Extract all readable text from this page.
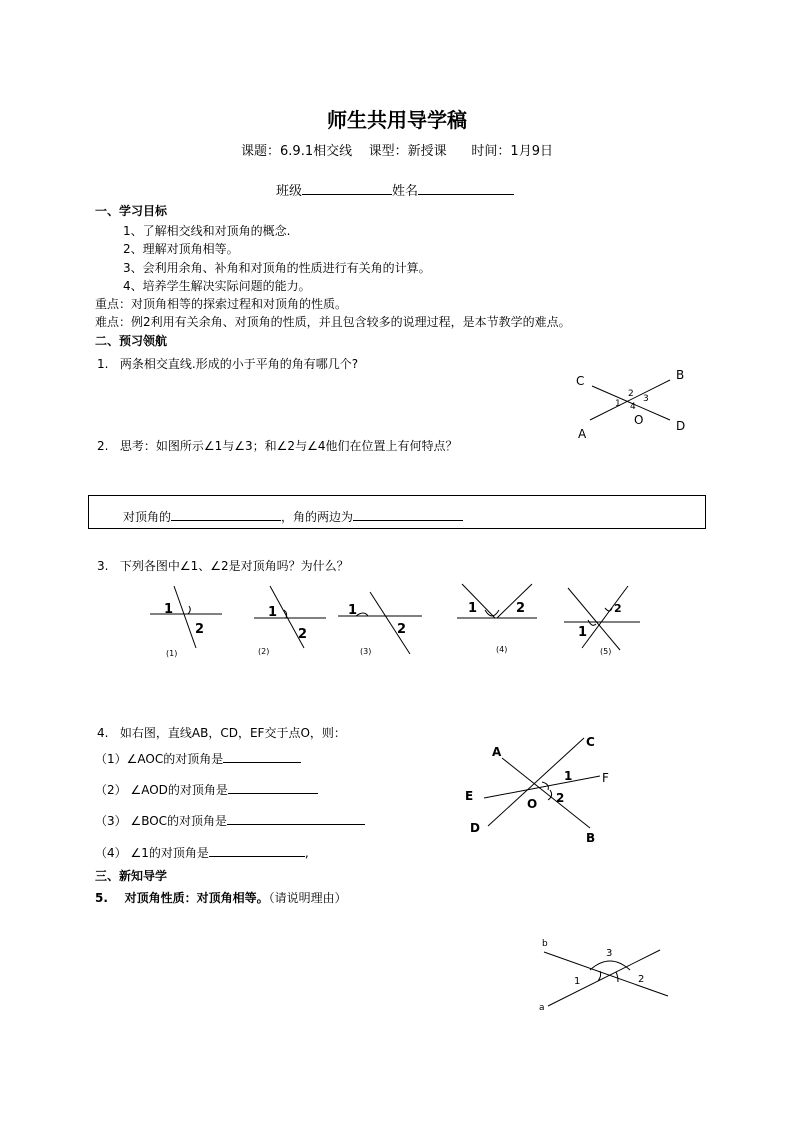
师生共用导学稿
课题：6.9.1相交线    课型：新授课      时间：1月9日
班级	姓名
一、学习目标
1、了解相交线和对顶角的概念.
2、理解对顶角相等。
3、会利用余角、补角和对顶角的性质进行有关角的计算。
4、培养学生解决实际问题的能力。
重点：对顶角相等的探索过程和对顶角的性质。
难点：例2利用有关余角、对顶角的性质，并且包含较多的说理过程，是本节教学的难点。
二、预习领航
1.   两条相交直线.形成的小于平角的角有哪几个?
C	B
A
D
O
1
2 3
4
2.   思考：如图所示∠1与∠3；和∠2与∠4他们在位置上有何特点？
对顶角的	，角的两边为
3.   下列各图中∠1、∠2是对顶角吗？为什么？
1
2
(1)
1
2
(2)
1
2
(3)
1	2
(4)
1
2
(5)
4.   如右图，直线AB，CD，EF交于点O，则：
（1）∠AOC的对顶角是
（2） ∠AOD的对顶角是
（3） ∠BOC的对顶角是
（4） ∠1的对顶角是	,
A
C
F
E
O
D
B
1
2
三、新知导学
5.    对顶角性质：对顶角相等。（请说明理由）
b
a
1	2
3
